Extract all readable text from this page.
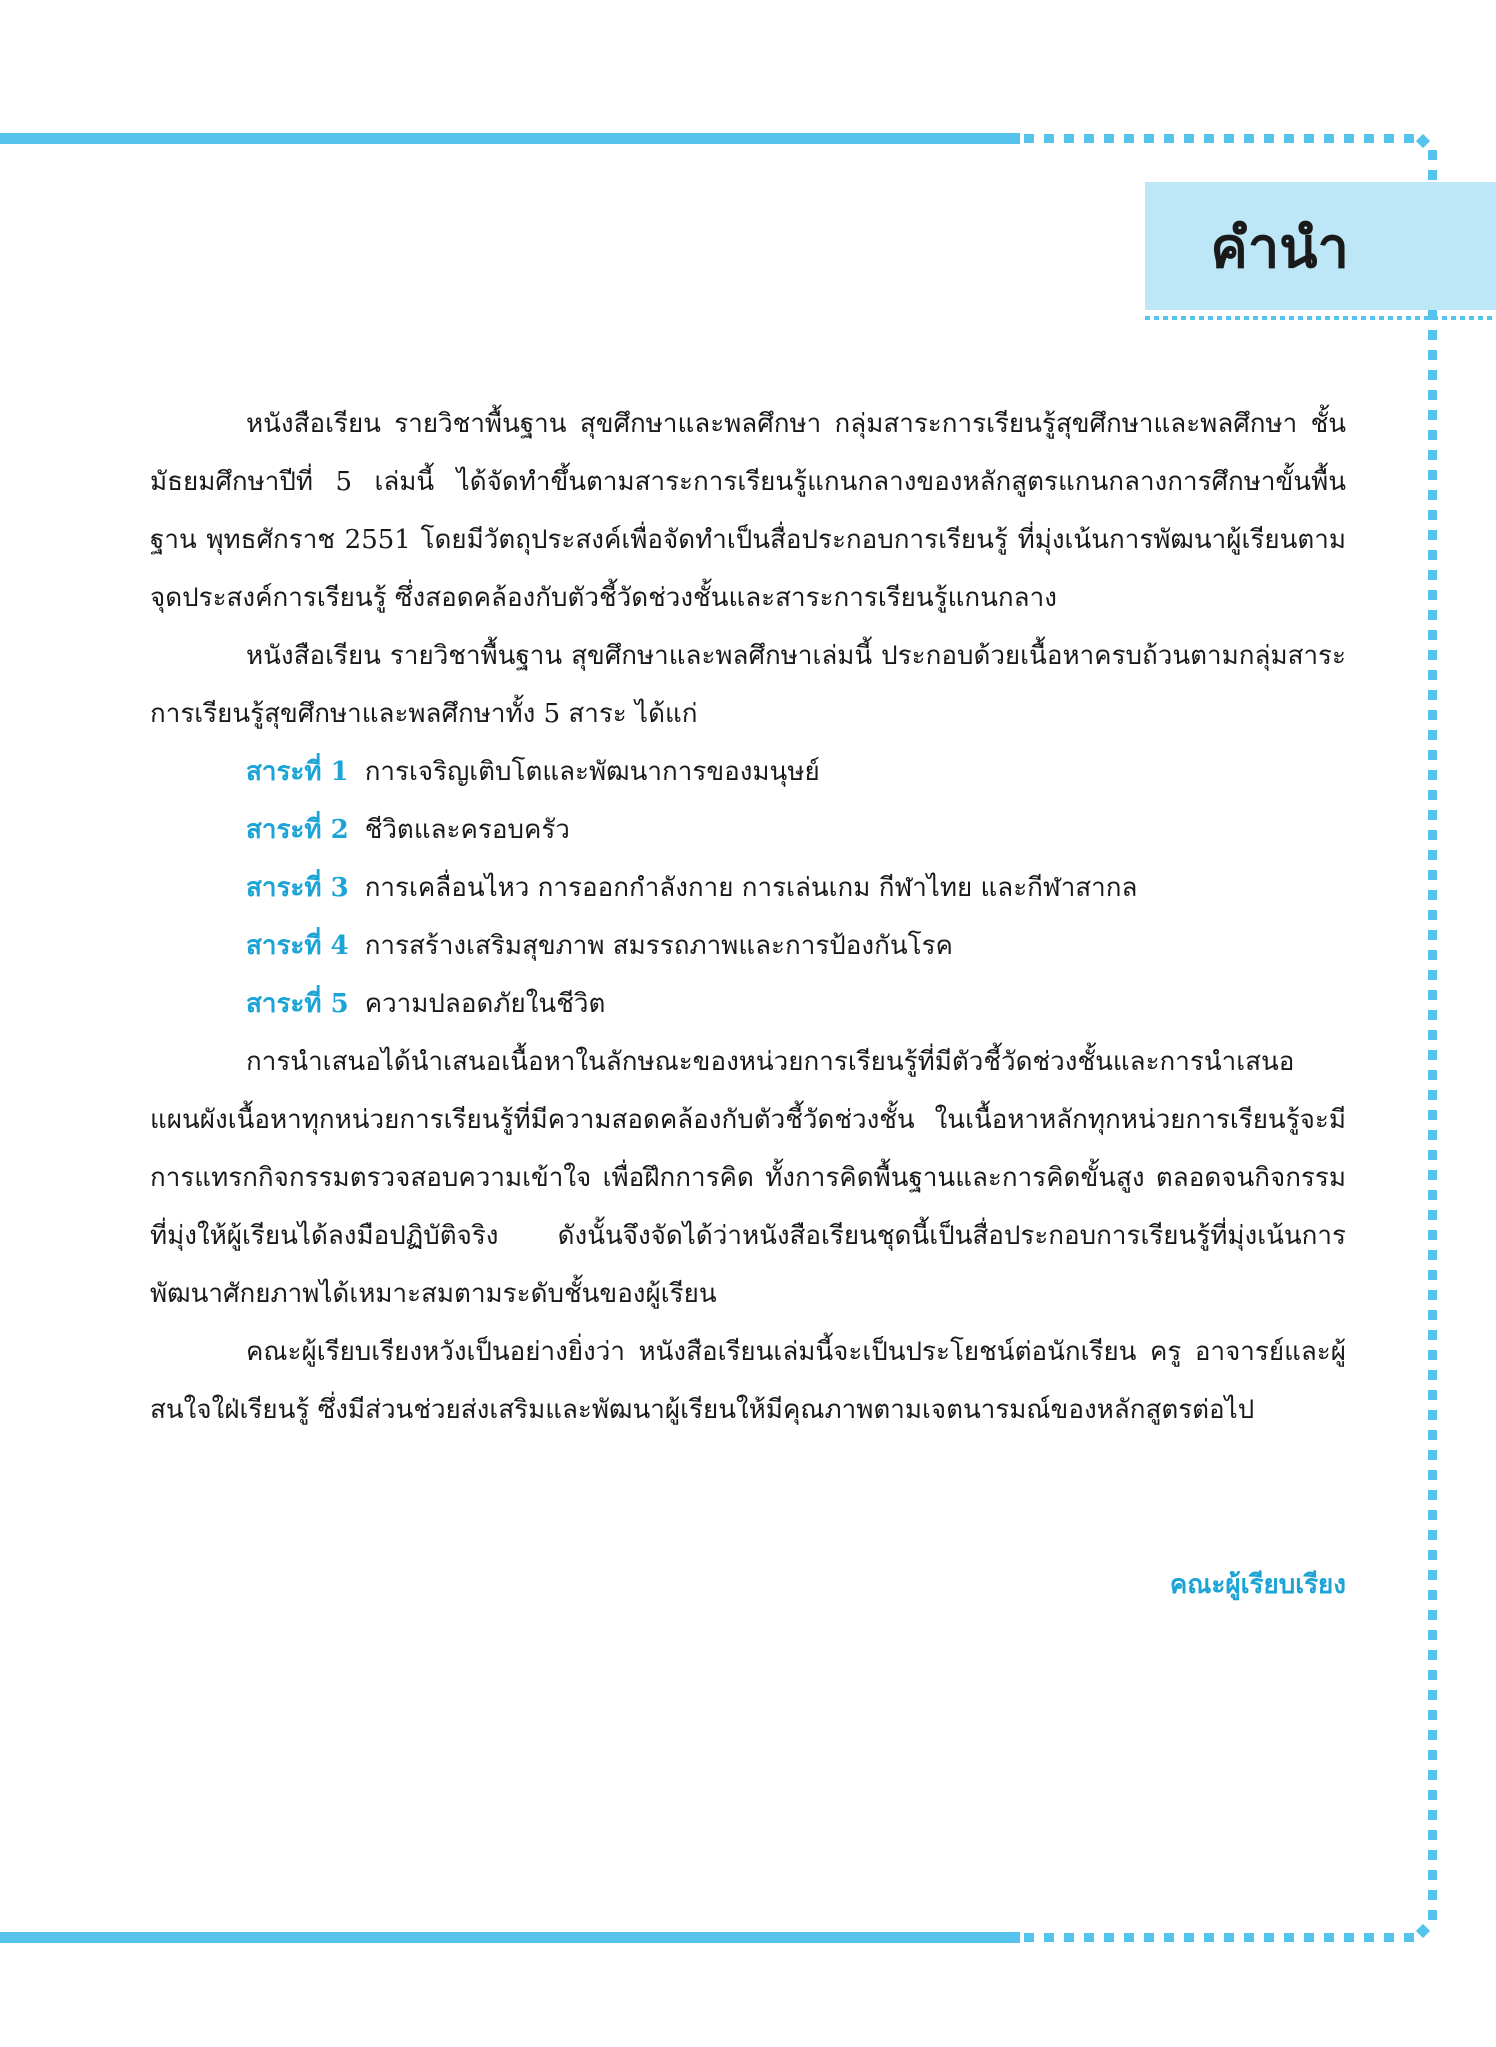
คำนำ

หนังสือเรียน รายวิชาพื้นฐาน สุขศึกษาและพลศึกษา กลุ่มสาระการเรียนรู้สุขศึกษาและพลศึกษา ชั้นมัธยมศึกษาปีที่ 5 เล่มนี้ ได้จัดทำขึ้นตามสาระการเรียนรู้แกนกลางของหลักสูตรแกนกลางการศึกษาขั้นพื้นฐาน พุทธศักราช 2551 โดยมีวัตถุประสงค์เพื่อจัดทำเป็นสื่อประกอบการเรียนรู้ ที่มุ่งเน้นการพัฒนาผู้เรียนตามจุดประสงค์การเรียนรู้ ซึ่งสอดคล้องกับตัวชี้วัดช่วงชั้นและสาระการเรียนรู้แกนกลาง

หนังสือเรียน รายวิชาพื้นฐาน สุขศึกษาและพลศึกษาเล่มนี้ ประกอบด้วยเนื้อหาครบถ้วนตามกลุ่มสาระการเรียนรู้สุขศึกษาและพลศึกษาทั้ง 5 สาระ ได้แก่

สาระที่ 1 การเจริญเติบโตและพัฒนาการของมนุษย์
สาระที่ 2 ชีวิตและครอบครัว
สาระที่ 3 การเคลื่อนไหว การออกกำลังกาย การเล่นเกม กีฬาไทย และกีฬาสากล
สาระที่ 4 การสร้างเสริมสุขภาพ สมรรถภาพและการป้องกันโรค
สาระที่ 5 ความปลอดภัยในชีวิต

การนำเสนอได้นำเสนอเนื้อหาในลักษณะของหน่วยการเรียนรู้ที่มีตัวชี้วัดช่วงชั้นและการนำเสนอแผนผังเนื้อหาทุกหน่วยการเรียนรู้ที่มีความสอดคล้องกับตัวชี้วัดช่วงชั้น ในเนื้อหาหลักทุกหน่วยการเรียนรู้จะมีการแทรกกิจกรรมตรวจสอบความเข้าใจ เพื่อฝึกการคิด ทั้งการคิดพื้นฐานและการคิดขั้นสูง ตลอดจนกิจกรรมที่มุ่งให้ผู้เรียนได้ลงมือปฏิบัติจริง ดังนั้นจึงจัดได้ว่าหนังสือเรียนชุดนี้เป็นสื่อประกอบการเรียนรู้ที่มุ่งเน้นการพัฒนาศักยภาพได้เหมาะสมตามระดับชั้นของผู้เรียน

คณะผู้เรียบเรียงหวังเป็นอย่างยิ่งว่า หนังสือเรียนเล่มนี้จะเป็นประโยชน์ต่อนักเรียน ครู อาจารย์และผู้สนใจใฝ่เรียนรู้ ซึ่งมีส่วนช่วยส่งเสริมและพัฒนาผู้เรียนให้มีคุณภาพตามเจตนารมณ์ของหลักสูตรต่อไป

คณะผู้เรียบเรียง
